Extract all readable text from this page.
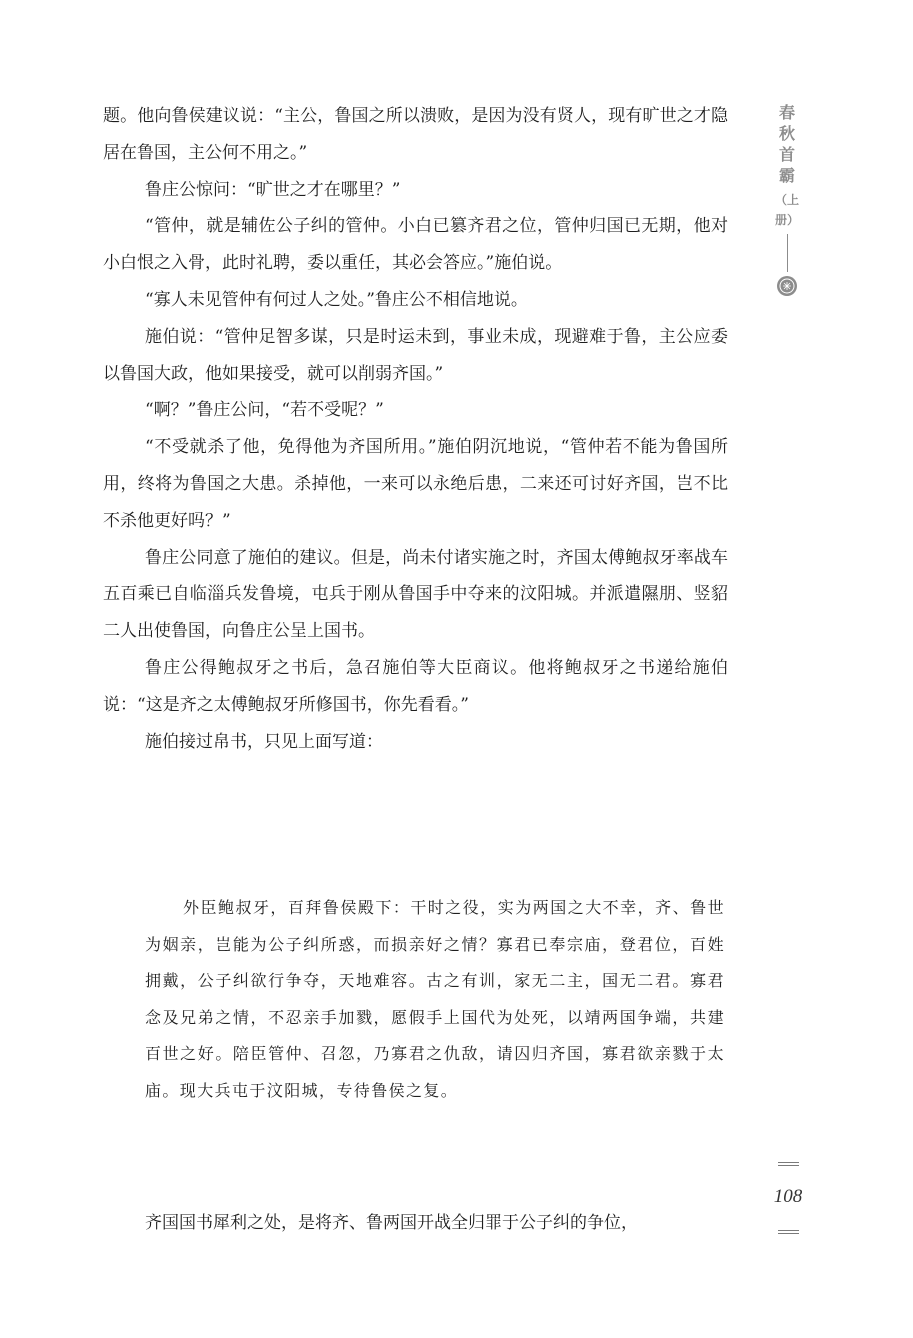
题。他向鲁侯建议说：“主公，鲁国之所以溃败，是因为没有贤人，现有旷世之才隐居在鲁国，主公何不用之。”

鲁庄公惊问：“旷世之才在哪里？”

“管仲，就是辅佐公子纠的管仲。小白已篡齐君之位，管仲归国已无期，他对小白恨之入骨，此时礼聘，委以重任，其必会答应。”施伯说。

“寡人未见管仲有何过人之处。”鲁庄公不相信地说。

施伯说：“管仲足智多谋，只是时运未到，事业未成，现避难于鲁，主公应委以鲁国大政，他如果接受，就可以削弱齐国。”

“啊？”鲁庄公问，“若不受呢？”

“不受就杀了他，免得他为齐国所用。”施伯阴沉地说，“管仲若不能为鲁国所用，终将为鲁国之大患。杀掉他，一来可以永绝后患，二来还可讨好齐国，岂不比不杀他更好吗？”

鲁庄公同意了施伯的建议。但是，尚未付诸实施之时，齐国太傅鲍叔牙率战车五百乘已自临淄兵发鲁境，屯兵于刚从鲁国手中夺来的汶阳城。并派遣隰朋、竖貂二人出使鲁国，向鲁庄公呈上国书。

鲁庄公得鲍叔牙之书后，急召施伯等大臣商议。他将鲍叔牙之书递给施伯说：“这是齐之太傅鲍叔牙所修国书，你先看看。”

施伯接过帛书，只见上面写道：

外臣鲍叔牙，百拜鲁侯殿下：干时之役，实为两国之大不幸，齐、鲁世为姻亲，岂能为公子纠所惑，而损亲好之情？寡君已奉宗庙，登君位，百姓拥戴，公子纠欲行争夺，天地难容。古之有训，家无二主，国无二君。寡君念及兄弟之情，不忍亲手加戮，愿假手上国代为处死，以靖两国争端，共建百世之好。陪臣管仲、召忽，乃寡君之仇敌，请囚归齐国，寡君欲亲戮于太庙。现大兵屯于汶阳城，专待鲁侯之复。
齐国国书犀利之处，是将齐、鲁两国开战全归罪于公子纠的争位，
春
秋
首
霸
（上册）
108
